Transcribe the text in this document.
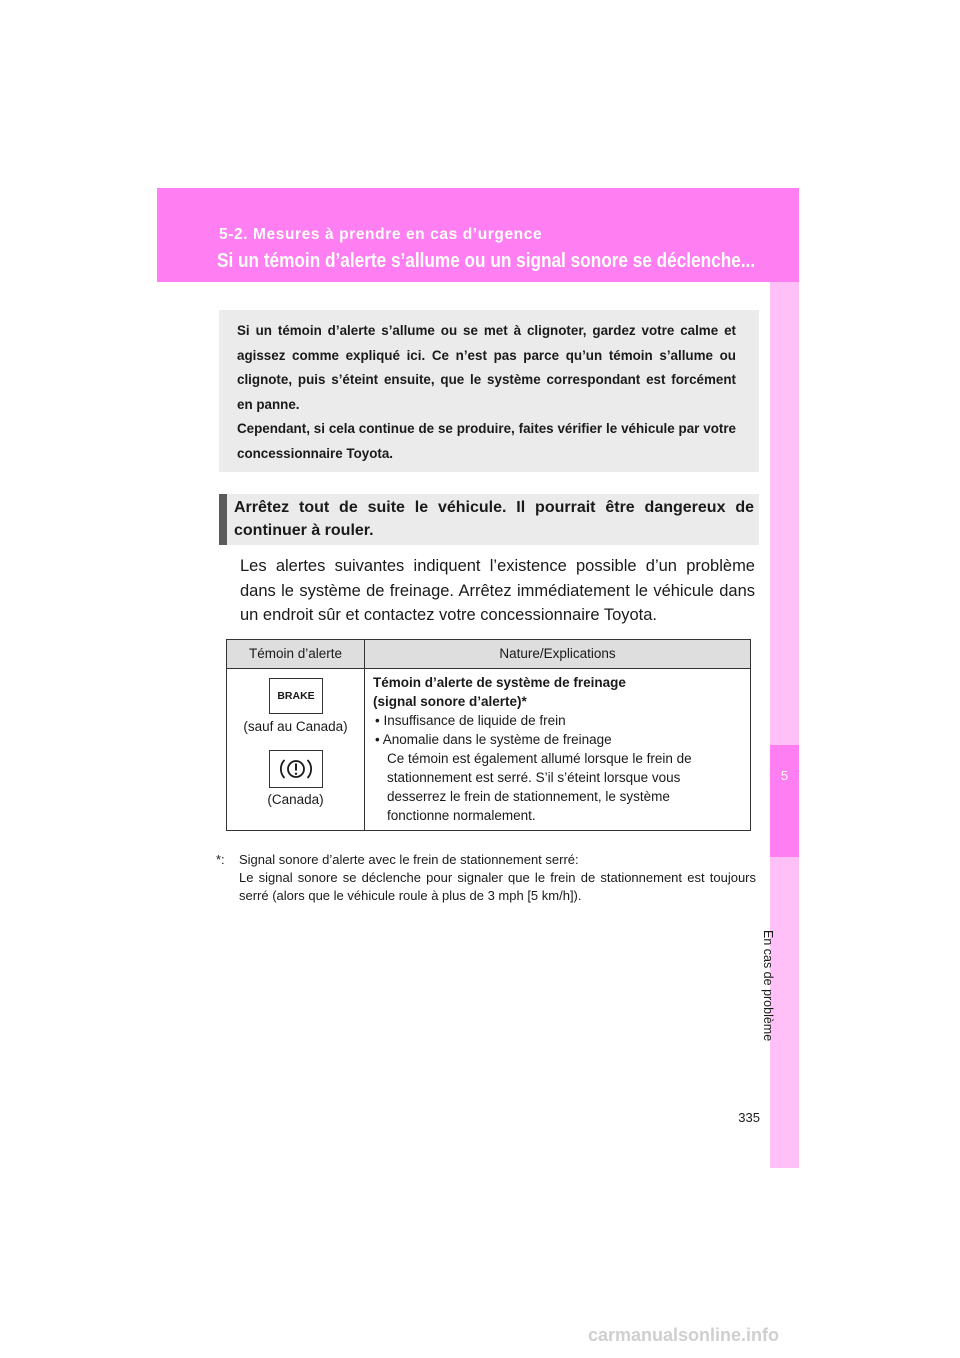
5-2. Mesures à prendre en cas d’urgence
Si un témoin d’alerte s’allume ou un signal sonore se déclenche...
5
En cas de problème

Si un témoin d’alerte s’allume ou se met à clignoter, gardez votre calme et agissez comme expliqué ici. Ce n’est pas parce qu’un témoin s’allume ou clignote, puis s’éteint ensuite, que le système correspondant est forcément en panne.

Cependant, si cela continue de se produire, faites vérifier le véhicule par votre concessionnaire Toyota.

Arrêtez tout de suite le véhicule. Il pourrait être dangereux de continuer à rouler.
Les alertes suivantes indiquent l’existence possible d’un problème dans le système de freinage. Arrêtez immédiatement le véhicule dans un endroit sûr et contactez votre concessionnaire Toyota.
Témoin d’alerte	Nature/Explications
BRAKE
(sauf au Canada)
(Canada)
Témoin d’alerte de système de freinage
(signal sonore d’alerte)*
• Insuffisance de liquide de frein
• Anomalie dans le système de freinage
Ce témoin est également allumé lorsque le frein de
stationnement est serré. S’il s’éteint lorsque vous
desserrez le frein de stationnement, le système
fonctionne normalement.
*: Signal sonore d’alerte avec le frein de stationnement serré:
Le signal sonore se déclenche pour signaler que le frein de stationnement est toujours serré (alors que le véhicule roule à plus de 3 mph [5 km/h]).
335
carmanualsonline.info
